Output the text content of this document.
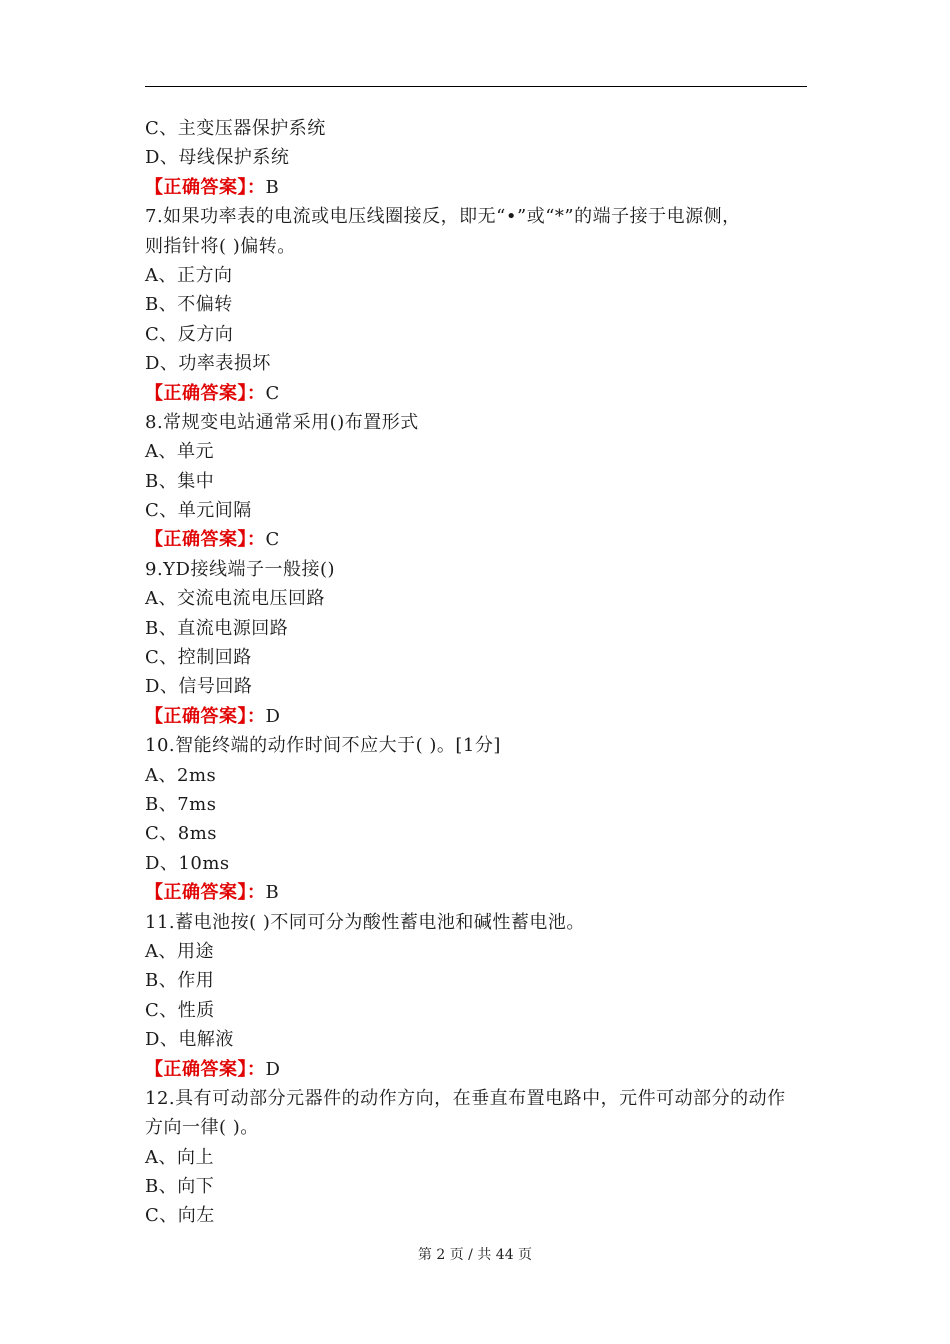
C、主变压器保护系统
D、母线保护系统
【正确答案】：B
7.如果功率表的电流或电压线圈接反，即无“•”或“*”的端子接于电源侧，
则指针将( )偏转。
A、正方向
B、不偏转
C、反方向
D、功率表损坏
【正确答案】：C
8.常规变电站通常采用()布置形式
A、单元
B、集中
C、单元间隔
【正确答案】：C
9.YD接线端子一般接()
A、交流电流电压回路
B、直流电源回路
C、控制回路
D、信号回路
【正确答案】：D
10.智能终端的动作时间不应大于( )。[1分]
A、2ms
B、7ms
C、8ms
D、10ms
【正确答案】：B
11.蓄电池按( )不同可分为酸性蓄电池和碱性蓄电池。
A、用途
B、作用
C、性质
D、电解液
【正确答案】：D
12.具有可动部分元器件的动作方向，在垂直布置电路中，元件可动部分的动作
方向一律( )。
A、向上
B、向下
C、向左
第 2 页 / 共 44 页
